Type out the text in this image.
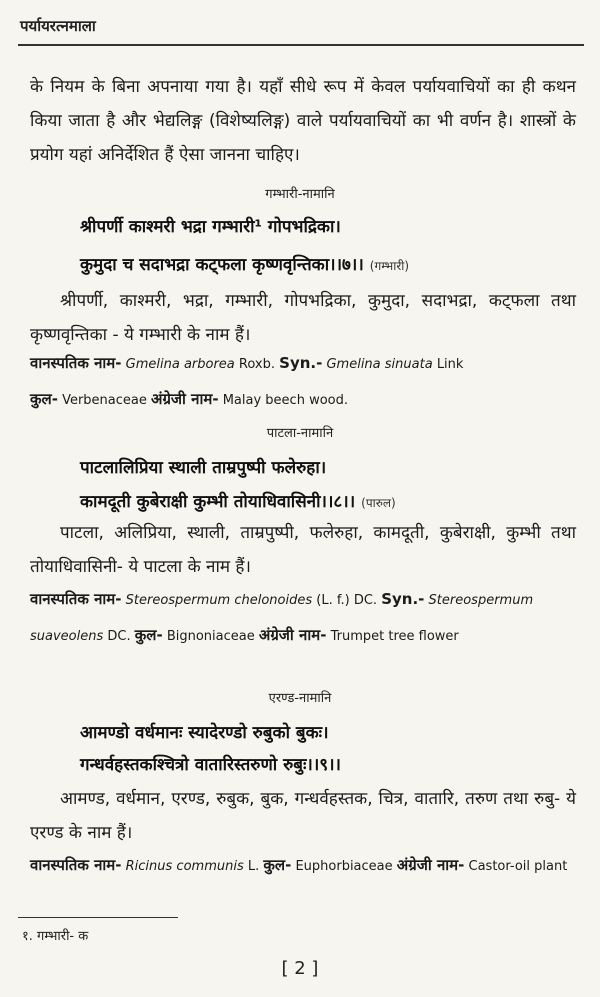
पर्यायरत्नमाला
के नियम के बिना अपनाया गया है। यहाँ सीधे रूप में केवल पर्यायवाचियों का ही कथन किया जाता है और भेद्यलिङ्ग (विशेष्यलिङ्ग) वाले पर्यायवाचियों का भी वर्णन है। शास्त्रों के प्रयोग यहां अनिर्देशित हैं ऐसा जानना चाहिए।
गम्भारी-नामानि
श्रीपर्णी काश्मरी भद्रा गम्भारी¹ गोपभद्रिका।
कुमुदा च सदाभद्रा कट्फला कृष्णवृन्तिका।।७।। (गम्भारी)
श्रीपर्णी, काश्मरी, भद्रा, गम्भारी, गोपभद्रिका, कुमुदा, सदाभद्रा, कट्फला तथा कृष्णवृन्तिका - ये गम्भारी के नाम हैं।
वानस्पतिक नाम- Gmelina arborea Roxb. Syn.- Gmelina sinuata Link
कुल- Verbenaceae अंग्रेजी नाम- Malay beech wood.
पाटला-नामानि
पाटलालिप्रिया स्थाली ताम्रपुष्पी फलेरुहा।
कामदूती कुबेराक्षी कुम्भी तोयाधिवासिनी।।८।। (पारुल)
पाटला, अलिप्रिया, स्थाली, ताम्रपुष्पी, फलेरुहा, कामदूती, कुबेराक्षी, कुम्भी तथा तोयाधिवासिनी- ये पाटला के नाम हैं।
वानस्पतिक नाम- Stereospermum chelonoides (L. f.) DC. Syn.- Stereospermum suaveolens DC. कुल- Bignoniaceae अंग्रेजी नाम- Trumpet tree flower
एरण्ड-नामानि
आमण्डो वर्धमानः स्यादेरण्डो रुबुको बुकः।
गन्धर्वहस्तकश्चित्रो वातारिस्तरुणो रुबुः।।९।।
आमण्ड, वर्धमान, एरण्ड, रुबुक, बुक, गन्धर्वहस्तक, चित्र, वातारि, तरुण तथा रुबु- ये एरण्ड के नाम हैं।
वानस्पतिक नाम- Ricinus communis L. कुल- Euphorbiaceae अंग्रेजी नाम- Castor-oil plant
१. गम्भारी- क
[ 2 ]
